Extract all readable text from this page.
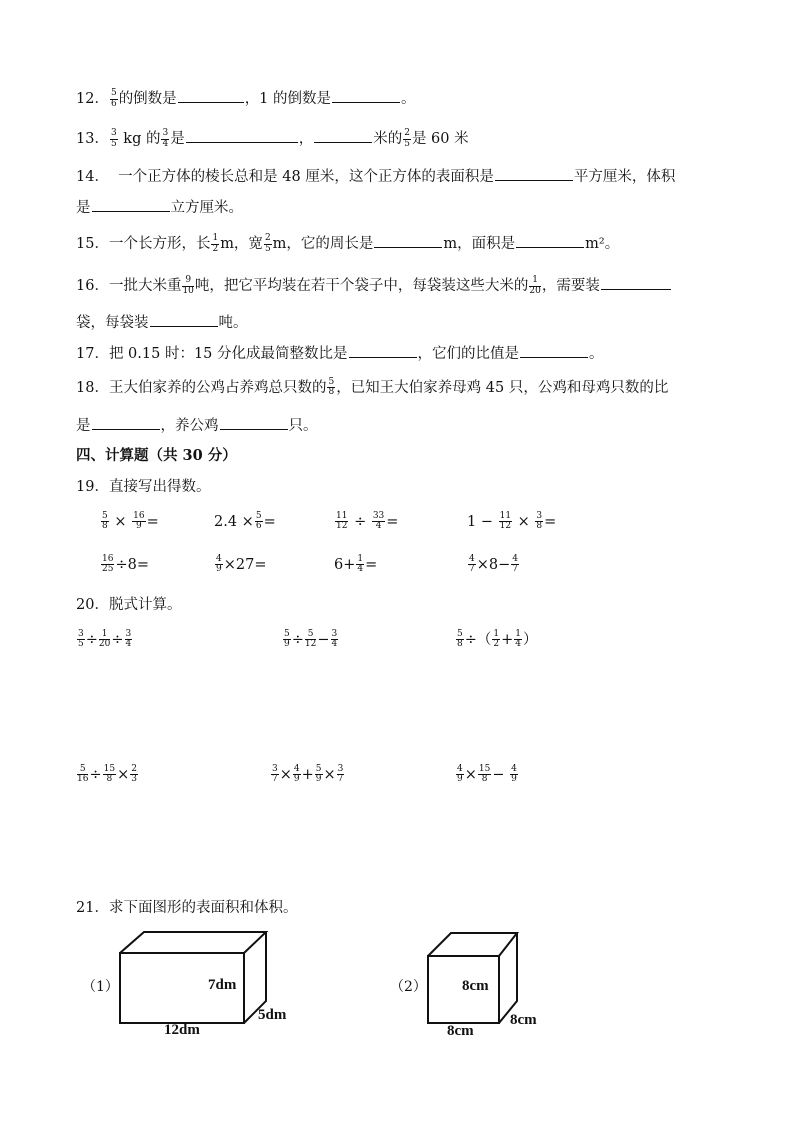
12． $\frac{5}{6}$ 的倒数是	，1 的倒数是	。
13． $\frac{3}{5}$ kg 的 $\frac{3}{4}$ 是	，	米的 $\frac{2}{5}$ 是 60 米
14． 一个正方体的棱长总和是 48 厘米，这个正方体的表面积是	平方厘米，体积
是	立方厘米。
15．一个长方形，长 $\frac{1}{2}$ m，宽 $\frac{2}{5}$ m，它的周长是	m，面积是	m²。
16．一批大米重 $\frac{9}{10}$ 吨，把它平均装在若干个袋子中，每袋装这些大米的 $\frac{1}{20}$ ，需要装
袋，每袋装	吨。
17．把 0.15 时：15 分化成最简整数比是	，它们的比值是	。
18．王大伯家养的公鸡占养鸡总只数的 $\frac{5}{8}$ ，已知王大伯家养母鸡 45 只，公鸡和母鸡只数的比
是	，养公鸡	只。
四、计算题（共 30 分）
19．直接写出得数。
$\frac{5}{8} \times \frac{16}{9}$ =	$2.4 \times \frac{5}{6}$ =	$\frac{11}{12} \div \frac{33}{4}$ =	$1 - \frac{11}{12} \times \frac{3}{8}$ =
$\frac{16}{25} \div 8=$	$\frac{4}{9} \times 27=$	$6+ \frac{1}{4}$ =	$\frac{4}{7} \times 8- \frac{4}{7}$
20．脱式计算。
$\frac{3}{5} \div \frac{1}{20} \div \frac{3}{4}$	$\frac{5}{9} \div \frac{5}{12} - \frac{3}{4}$	$\frac{5}{8}$ ÷（ $\frac{1}{2} + \frac{1}{4}$ ）
$\frac{5}{16} \div \frac{15}{8} \times \frac{2}{3}$	$\frac{3}{7} \times \frac{4}{9} + \frac{5}{9} \times \frac{3}{7}$	$\frac{4}{9} \times \frac{15}{8} - \frac{4}{9}$
21．求下面图形的表面积和体积。
（1）	7dm
12dm
5dm
（2） 8cm
8cm
8cm
